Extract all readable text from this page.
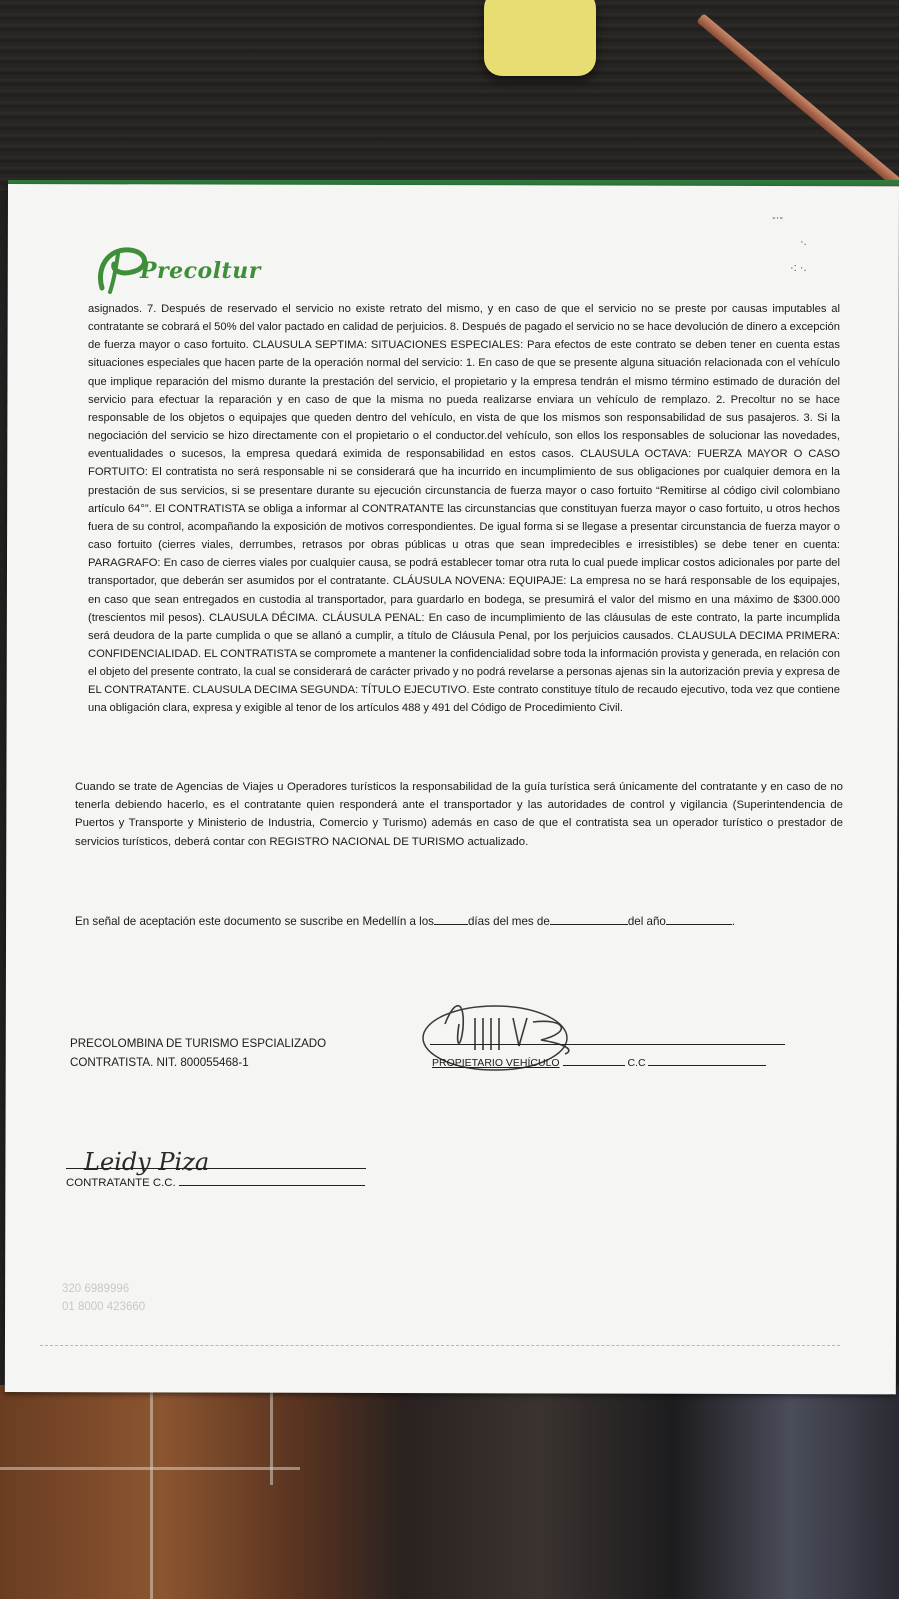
Precoltur
-·-
·.
·: ·.
asignados. 7. Después de reservado el servicio no existe retrato del mismo, y en caso de que el servicio no se preste por causas imputables al contratante se cobrará el 50% del valor pactado en calidad de perjuicios. 8. Después de pagado el servicio no se hace devolución de dinero a excepción de fuerza mayor o caso fortuito. CLAUSULA SEPTIMA: SITUACIONES ESPECIALES: Para efectos de este contrato se deben tener en cuenta estas situaciones especiales que hacen parte de la operación normal del servicio: 1. En caso de que se presente alguna situación relacionada con el vehículo que implique reparación del mismo durante la prestación del servicio, el propietario y la empresa tendrán el mismo término estimado de duración del servicio para efectuar la reparación y en caso de que la misma no pueda realizarse enviara un vehículo de remplazo. 2. Precoltur no se hace responsable de los objetos o equipajes que queden dentro del vehículo, en vista de que los mismos son responsabilidad de sus pasajeros. 3. Si la negociación del servicio se hizo directamente con el propietario o el conductor.del vehículo, son ellos los responsables de solucionar las novedades, eventualidades o sucesos, la empresa quedará eximida de responsabilidad en estos casos. CLAUSULA OCTAVA: FUERZA MAYOR O CASO FORTUITO: El contratista no será responsable ni se considerará que ha incurrido en incumplimiento de sus obligaciones por cualquier demora en la prestación de sus servicios, si se presentare durante su ejecución circunstancia de fuerza mayor o caso fortuito “Remitirse al código civil colombiano artículo 64°”. El CONTRATISTA se obliga a informar al CONTRATANTE las circunstancias que constituyan fuerza mayor o caso fortuito, u otros hechos fuera de su control, acompañando la exposición de motivos correspondientes. De igual forma si se llegase a presentar circunstancia de fuerza mayor o caso fortuito (cierres viales, derrumbes, retrasos por obras públicas u otras que sean impredecibles e irresistibles) se debe tener en cuenta: PARAGRAFO: En caso de cierres viales por cualquier causa, se podrá establecer tomar otra ruta lo cual puede implicar costos adicionales por parte del transportador, que deberán ser asumidos por el contratante. CLÁUSULA NOVENA: EQUIPAJE: La empresa no se hará responsable de los equipajes, en caso que sean entregados en custodia al transportador, para guardarlo en bodega, se presumirá el valor del mismo en una máximo de $300.000 (trescientos mil pesos). CLAUSULA DÉCIMA. CLÁUSULA PENAL: En caso de incumplimiento de las cláusulas de este contrato, la parte incumplida será deudora de la parte cumplida o que se allanó a cumplir, a título de Cláusula Penal, por los perjuicios causados. CLAUSULA DECIMA PRIMERA: CONFIDENCIALIDAD. EL CONTRATISTA se compromete a mantener la confidencialidad sobre toda la información provista y generada, en relación con el objeto del presente contrato, la cual se considerará de carácter privado y no podrá revelarse a personas ajenas sin la autorización previa y expresa de EL CONTRATANTE. CLAUSULA DECIMA SEGUNDA: TÍTULO EJECUTIVO. Este contrato constituye título de recaudo ejecutivo, toda vez que contiene una obligación clara, expresa y exigible al tenor de los artículos 488 y 491 del Código de Procedimiento Civil.
Cuando se trate de Agencias de Viajes u Operadores turísticos la responsabilidad de la guía turística será únicamente del contratante y en caso de no tenerla debiendo hacerlo, es el contratante quien responderá ante el transportador y las autoridades de control y vigilancia (Superintendencia de Puertos y Transporte y Ministerio de Industria, Comercio y Turismo) además en caso de que el contratista sea un operador turístico o prestador de servicios turísticos, deberá contar con REGISTRO NACIONAL DE TURISMO actualizado.
En señal de aceptación este documento se suscribe en Medellín a los	días del mes de	del año	.
PRECOLOMBINA DE TURISMO ESPCIALIZADO
CONTRATISTA. NIT. 800055468-1	PROPIETARIO VEHÍCULO	C.C
Leidy Piza
CONTRATANTE C.C.
320 6989996
01 8000 423660
